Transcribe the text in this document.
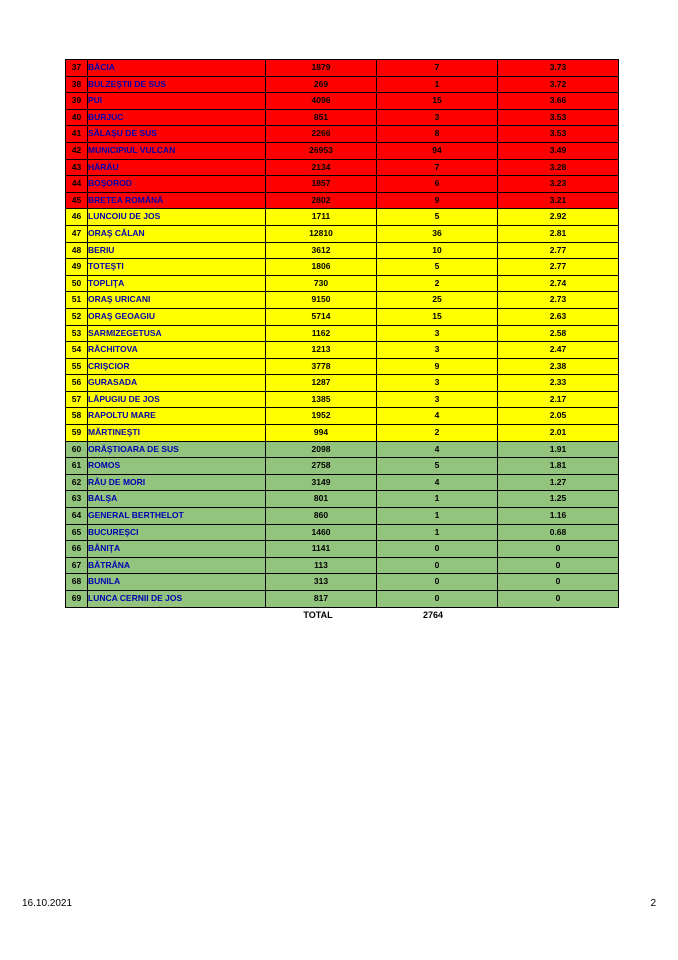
37	BĂCIA	1879	7	3.73
38	BULZEŞTII DE SUS	269	1	3.72
39	PUI	4096	15	3.66
40	BURJUC	851	3	3.53
41	SĂLAŞU DE SUS	2266	8	3.53
42	MUNICIPIUL VULCAN	26953	94	3.49
43	HĂRĂU	2134	7	3.28
44	BOŞOROD	1857	6	3.23
45	BRETEA ROMÂNĂ	2802	9	3.21
46	LUNCOIU DE JOS	1711	5	2.92
47	ORAŞ CĂLAN	12810	36	2.81
48	BERIU	3612	10	2.77
49	TOTEŞTI	1806	5	2.77
50	TOPLIŢA	730	2	2.74
51	ORAŞ URICANI	9150	25	2.73
52	ORAŞ GEOAGIU	5714	15	2.63
53	SARMIZEGETUSA	1162	3	2.58
54	RĂCHITOVA	1213	3	2.47
55	CRIŞCIOR	3778	9	2.38
56	GURASADA	1287	3	2.33
57	LĂPUGIU DE JOS	1385	3	2.17
58	RAPOLTU MARE	1952	4	2.05
59	MĂRTINEŞTI	994	2	2.01
60	ORĂŞTIOARA DE SUS	2098	4	1.91
61	ROMOS	2758	5	1.81
62	RÂU DE MORI	3149	4	1.27
63	BALŞA	801	1	1.25
64	GENERAL BERTHELOT	860	1	1.16
65	BUCUREŞCI	1460	1	0.68
66	BĂNIŢA	1141	0	0
67	BĂTRÂNA	113	0	0
68	BUNILA	313	0	0
69	LUNCA CERNII DE JOS	817	0	0
TOTAL	2764
16.10.2021	2
